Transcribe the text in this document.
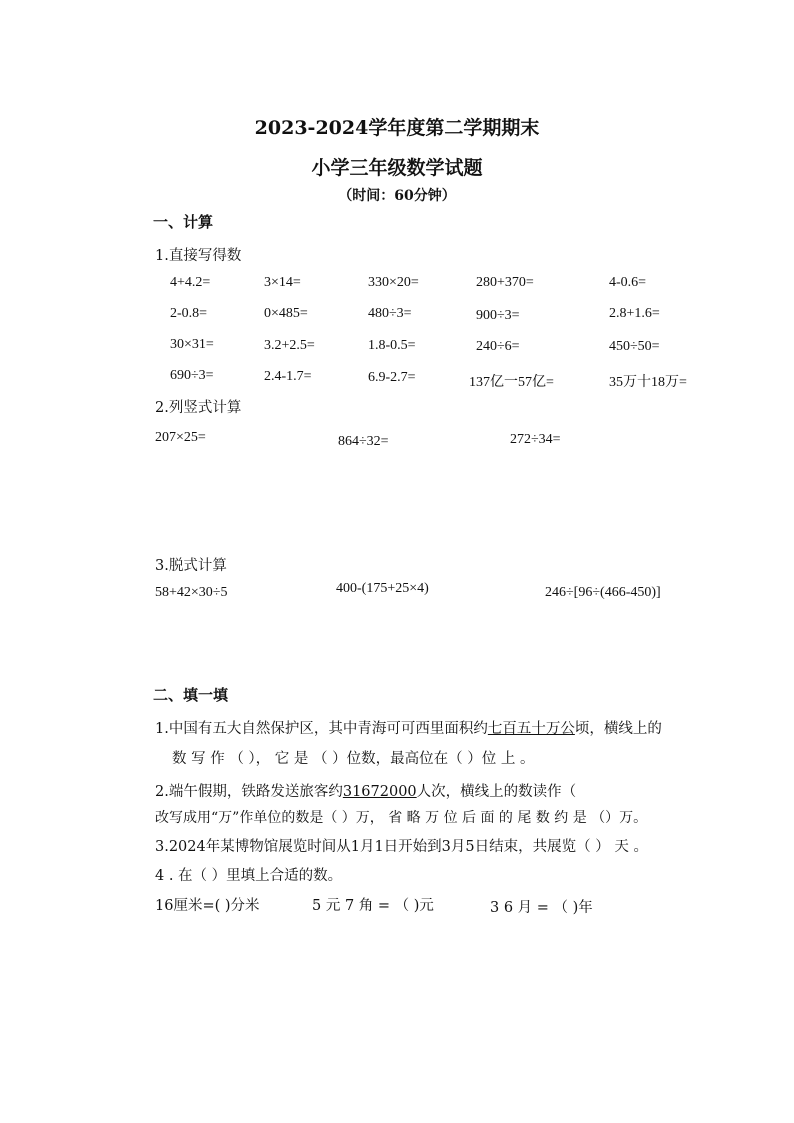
2023-2024学年度第二学期期末
小学三年级数学试题
（时间：60分钟）
一、计算
1.直接写得数
4+4.2=	3×14=	330×20=	280+370=	4-0.6=
2-0.8=	0×485=	480÷3=	900÷3=	2.8+1.6=
30×31=	3.2+2.5=	1.8-0.5=	240÷6=	450÷50=
690÷3=	2.4-1.7=	6.9-2.7=	137亿一57亿=	35万十18万=
2.列竖式计算
207×25=	864÷32=	272÷34=
3.脱式计算
58+42×30÷5	400-(175+25×4)	246÷[96÷(466-450)]
二、填一填
1.中国有五大自然保护区，其中青海可可西里面积约七百五十万公顷，横线上的
数 写 作 （ ）， 它 是 （ ）位数，最高位在（ ）位 上 。
2.端午假期，铁路发送旅客约31672000人次，横线上的数读作（
改写成用“万”作单位的数是（ ）万， 省 略 万 位 后 面 的 尾 数 约 是 （）万。
3.2024年某博物馆展览时间从1月1日开始到3月5日结束，共展览（ ） 天 。
4 . 在（ ）里填上合适的数。
16厘米=( )分米	5 元 7 角 = （ )元	3 6 月 = （ )年
